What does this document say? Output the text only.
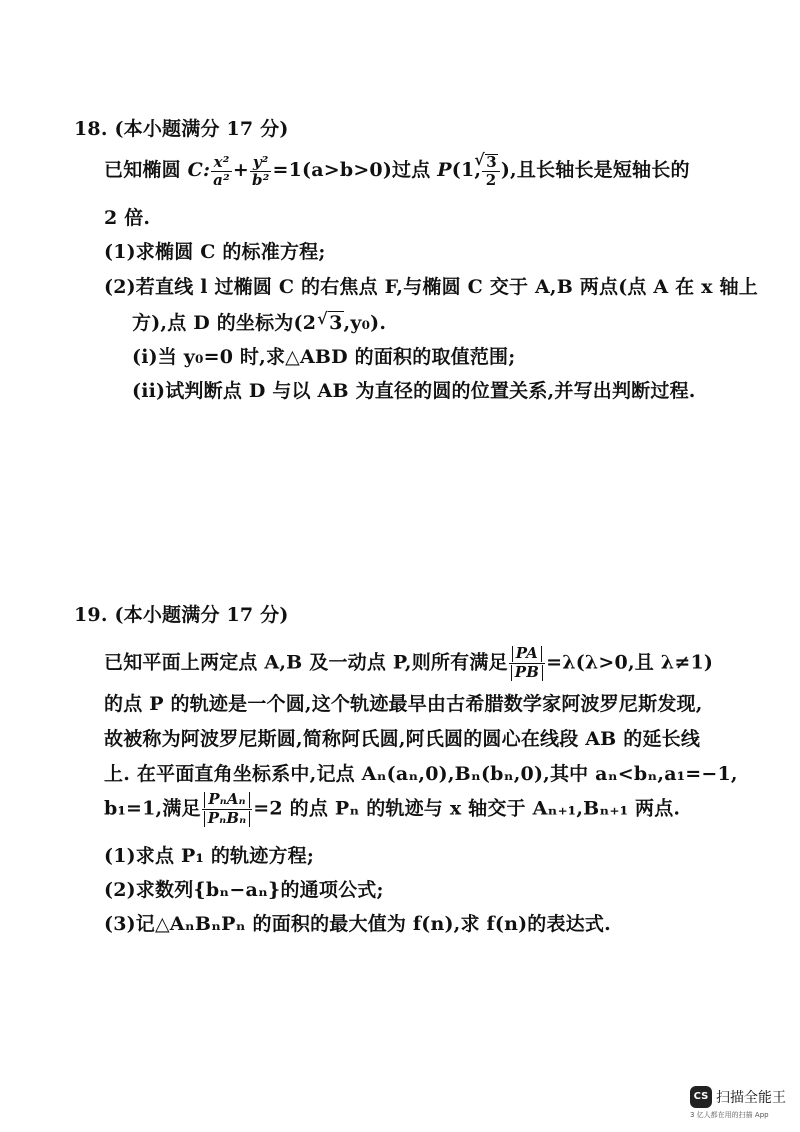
18. (本小题满分 17 分)
已知椭圆 C: $\frac{\text{x²}}{\text{a²}} + \frac{\text{y²}}{\text{b²}} =1(a>b>0)$过点 P(1, √ $\frac{3}{2}$ ),且长轴长是短轴长的
2 倍.
(1)求椭圆 C 的标准方程;
(2)若直线 l 过椭圆 C 的右焦点 F,与椭圆 C 交于 A,B 两点(点 A 在 x 轴上
方),点 D 的坐标为(2 √ 3,y₀).
(i)当 y₀=0 时,求△ABD 的面积的取值范围;
(ii)试判断点 D 与以 AB 为直径的圆的位置关系,并写出判断过程.
19. (本小题满分 17 分)
已知平面上两定点 A,B 及一动点 P,则所有满足 $\frac{PA}{PB} =\lambda(\lambda>0$,且 λ≠1)
的点 P 的轨迹是一个圆,这个轨迹最早由古希腊数学家阿波罗尼斯发现,
故被称为阿波罗尼斯圆,简称阿氏圆,阿氏圆的圆心在线段 AB 的延长线
上. 在平面直角坐标系中,记点 Aₙ(aₙ,0),Bₙ(bₙ,0),其中 aₙ<bₙ,a₁=−1,
b₁=1,满足 $\frac{\text{PₙAₙ}}{\text{PₙBₙ}} =2$ 的点 Pₙ 的轨迹与 x 轴交于 Aₙ₊₁,Bₙ₊₁ 两点.
(1)求点 P₁ 的轨迹方程;
(2)求数列{bₙ−aₙ}的通项公式;
(3)记△AₙBₙPₙ 的面积的最大值为 f(n),求 f(n)的表达式.
CS 扫描全能王
3 亿人都在用的扫描 App
